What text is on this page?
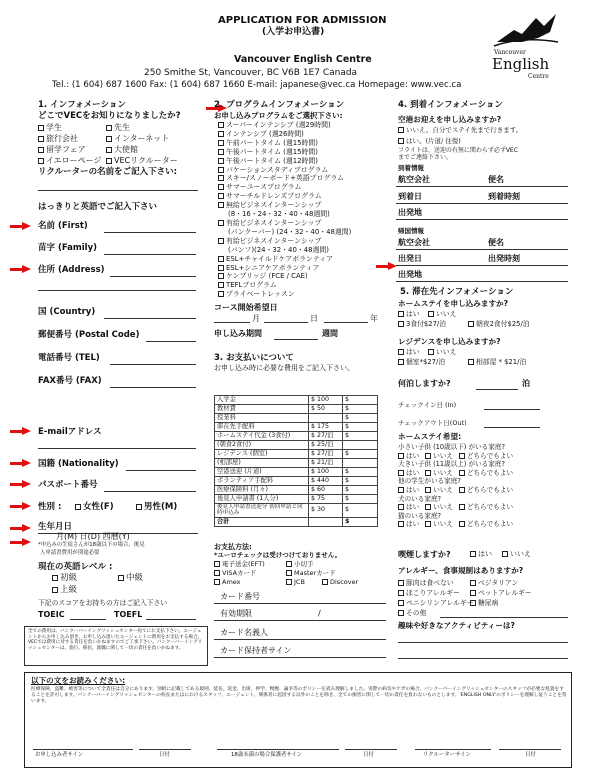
APPLICATION FOR ADMISSION
(入学お申込書)
Vancouver English Centre
250 Smithe St, Vancouver, BC V6B 1E7 Canada
Tel.: (1 604) 687 1600 Fax: (1 604) 687 1660 E-mail: japanese@vec.ca Homepage: www.vec.ca
Vancouver
English
Centre
1. インフォメーション
どこでVECをお知りになりましたか?
学生	先生
旅行会社	インターネット
留学フェア	大使館
イエローページ	VECリクルーター
リクルーターの名前をご記入下さい:
はっきりと英語でご記入下さい
名前 (First)
苗字 (Family)
住所 (Address)
国 (Country)
郵便番号 (Postal Code)
電話番号 (TEL)
FAX番号 (FAX)
E-mailアドレス
国籍 (Nationality)
パスポート番号
性別 :	女性(F)	男性(M)
生年月日
月(M) 日(D) 西暦(Y)
*申込みの生徒さんが18歳以下の場合、後見
人申請書費用が別途必要
現在の英語レベル :
初級	中級
上級
下記のスコアをお持ちの方はご記入下さい
TOEIC	TOEFL
全ての費用は、バンクーバーイングリッシュセンター宛てにお支払下さい。エージェントからお申し込み頂き、お申し込み頂いたエージェントに費用をお支払する場合、VECでは費用に対する責任を負いかねますのでご了承下さい。バンクーバーイングリッシュセンターは、旅行、移民、就職に関して一切の責任を負いかねます。
2. プログラムインフォメーション
お申し込みプログラムをご選択下さい:
スーパーインテンシブ (週29時間)
インテンシブ (週26時間)
午前パートタイム (週15時間)
午後パートタイム (週15時間)
午後パートタイム (週12時間)
バケーションスタディプログラム
スキー/スノーボード+英語プログラム
サマーユースプログラム
サマーチルドレンズプログラム
無給ビジネスインターンシップ
(8・16・24・32・40・48週間)
有給ビジネスインターンシップ
(バンクーバー) (24・32・40・48週間)
有給ビジネスインターンシップ
(バンフ)(24・32・40・48週間)
ESL+チャイルドケアボランティア
ESL+シニアケアボランティア
ケンブリッジ (FCE / CAE)
TEFLプログラム
プライベートレッスン
コース開始希望日
月	日	年
申し込み期間	週間
3. お支払いについて
お申し込み時に必要な費用をご記入下さい。
入学金	$ 100	$
教材費	$ 50	$
授業料		$
滞在先手配料	$ 175	$
ホームステイ代金 (3食付)	$ 27/泊	$
(朝食2食付)	$ 25/泊	
レジデンス (個室)	$ 27/泊	$
(相部屋)	$ 21/泊	
空港送迎 (片道)	$ 100	$
ボランティア手配料	$ 440	$
医療保険料 (月々)	$ 60	$
後見人申請書 (1人分)	$ 75	$
後見人申請書送迎分 初回申請と同時申込み	$ 30	$
合計		$
お支払方法:
*ユーロチェックは受けつけておりません。
電子送金(EFT)	小切手
VISAカード	Masterカード
Amex	JCB	Discover
カード番号
有効期限	/
カード名義人
カード保持者サイン
4. 到着インフォメーション
空港お迎えを申し込みますか?
いいえ。自分でステイ先まで行きます。
はい。(片道/ 往復)
フライトは、送迎の有無に関わらず必ずVEC
までご連絡下さい。
到着情報
航空会社	便名
到着日	到着時刻
出発地
帰国情報
航空会社	便名
出発日	出発時刻
出発地
5. 滞在先インフォメーション
ホームステイを申し込みますか?
はい	いいえ
3食付$27/泊	朝夜2食付$25/泊
レジデンスを申し込みますか?
はい	いいえ
個室*$27/泊	相部屋 * $21/泊
何泊しますか?	泊
チェックイン日 (In)
チェックアウト日(Out)
ホームステイ希望:
小さい子供 (10歳以下) がいる家庭?
はい いいえ どちらでもよい
大きい子供 (11歳以上) がいる家庭?
はい いいえ どちらでもよい
他の学生がいる家庭?
はい いいえ どちらでもよい
犬のいる家庭?
はい いいえ どちらでもよい
猫のいる家庭?
はい いいえ どちらでもよい
喫煙しますか?	はい	いいえ
アレルギー、食事規制はありますか?
豚肉は食べない	ベジタリアン
ほこりアレルギー	ペットアレルギー
ペニシリンアレルギー 糖尿病
その他
趣味や好きなアクティビティーは?
以下の文をお読みください:
医療保険、盗難、被害等について全責任は自分にあります。別紙に記載してある規則、延長、返金、出席、停学、喫煙、論争等のポリシーを読み理解しました。実際の病気やケガの場合、バンクーバーイングリッシュセンターのスタッフが必要な処置をすることを許可します。バンクーバーイングリッシュセンターの校長またはにおけるスタッフ、エージェント、関係者に起因する以外のことを除き、全ての損害に関して一切の責任を負わないものとします。'ENGLISH ONLY'のポリシーを理解し従うことを誓います。
お申し込み者サイン	日付	18歳未満の場合保護者サイン	日付	リクルーターサイン	日付
